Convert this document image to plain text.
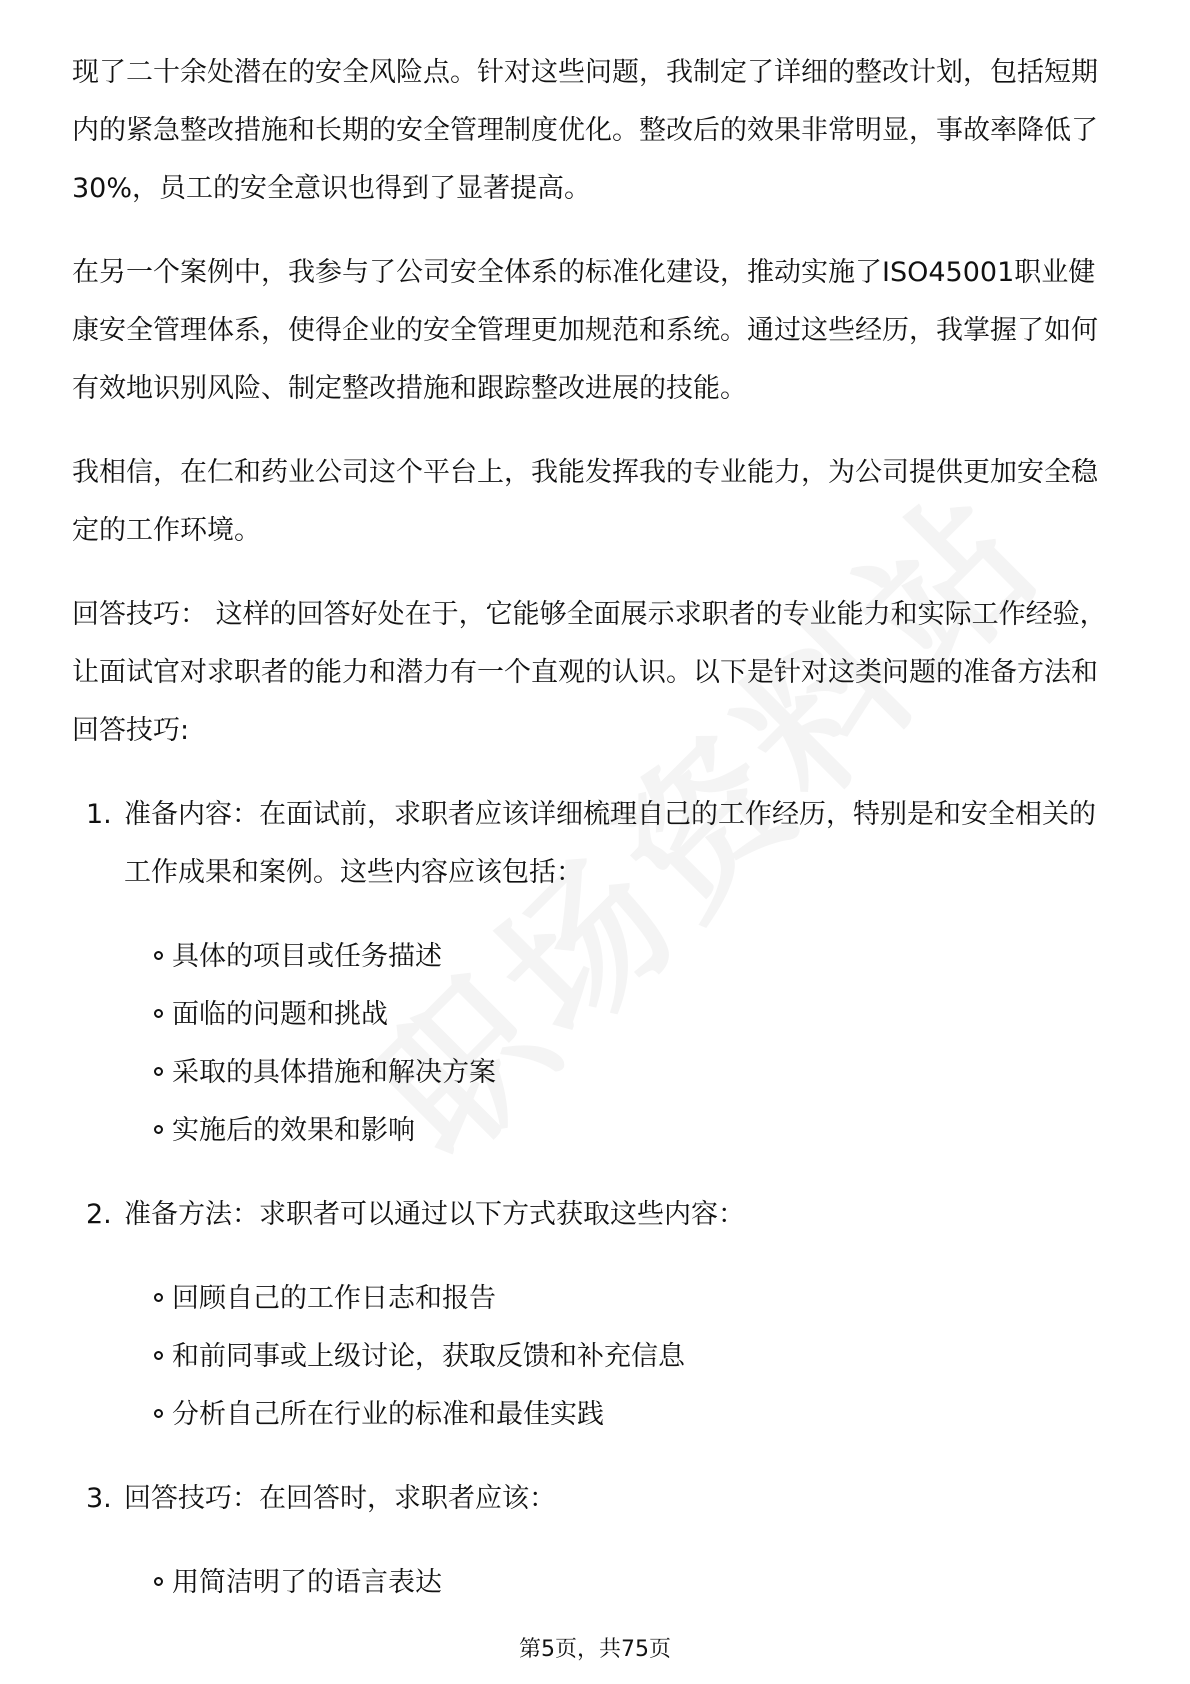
现了二十余处潜在的安全风险点。针对这些问题，我制定了详细的整改计划，包括短期内的紧急整改措施和长期的安全管理制度优化。整改后的效果非常明显，事故率降低了30%，员工的安全意识也得到了显著提高。

在另一个案例中，我参与了公司安全体系的标准化建设，推动实施了ISO45001职业健康安全管理体系，使得企业的安全管理更加规范和系统。通过这些经历，我掌握了如何有效地识别风险、制定整改措施和跟踪整改进展的技能。

我相信，在仁和药业公司这个平台上，我能发挥我的专业能力，为公司提供更加安全稳定的工作环境。

回答技巧： 这样的回答好处在于，它能够全面展示求职者的专业能力和实际工作经验，让面试官对求职者的能力和潜力有一个直观的认识。以下是针对这类问题的准备方法和回答技巧:

1. 准备内容：在面试前，求职者应该详细梳理自己的工作经历，特别是和安全相关的工作成果和案例。这些内容应该包括：
具体的项目或任务描述
面临的问题和挑战
采取的具体措施和解决方案
实施后的效果和影响
2. 准备方法：求职者可以通过以下方式获取这些内容：
回顾自己的工作日志和报告
和前同事或上级讨论，获取反馈和补充信息
分析自己所在行业的标准和最佳实践
3. 回答技巧：在回答时，求职者应该：
用简洁明了的语言表达
第5页，共75页
